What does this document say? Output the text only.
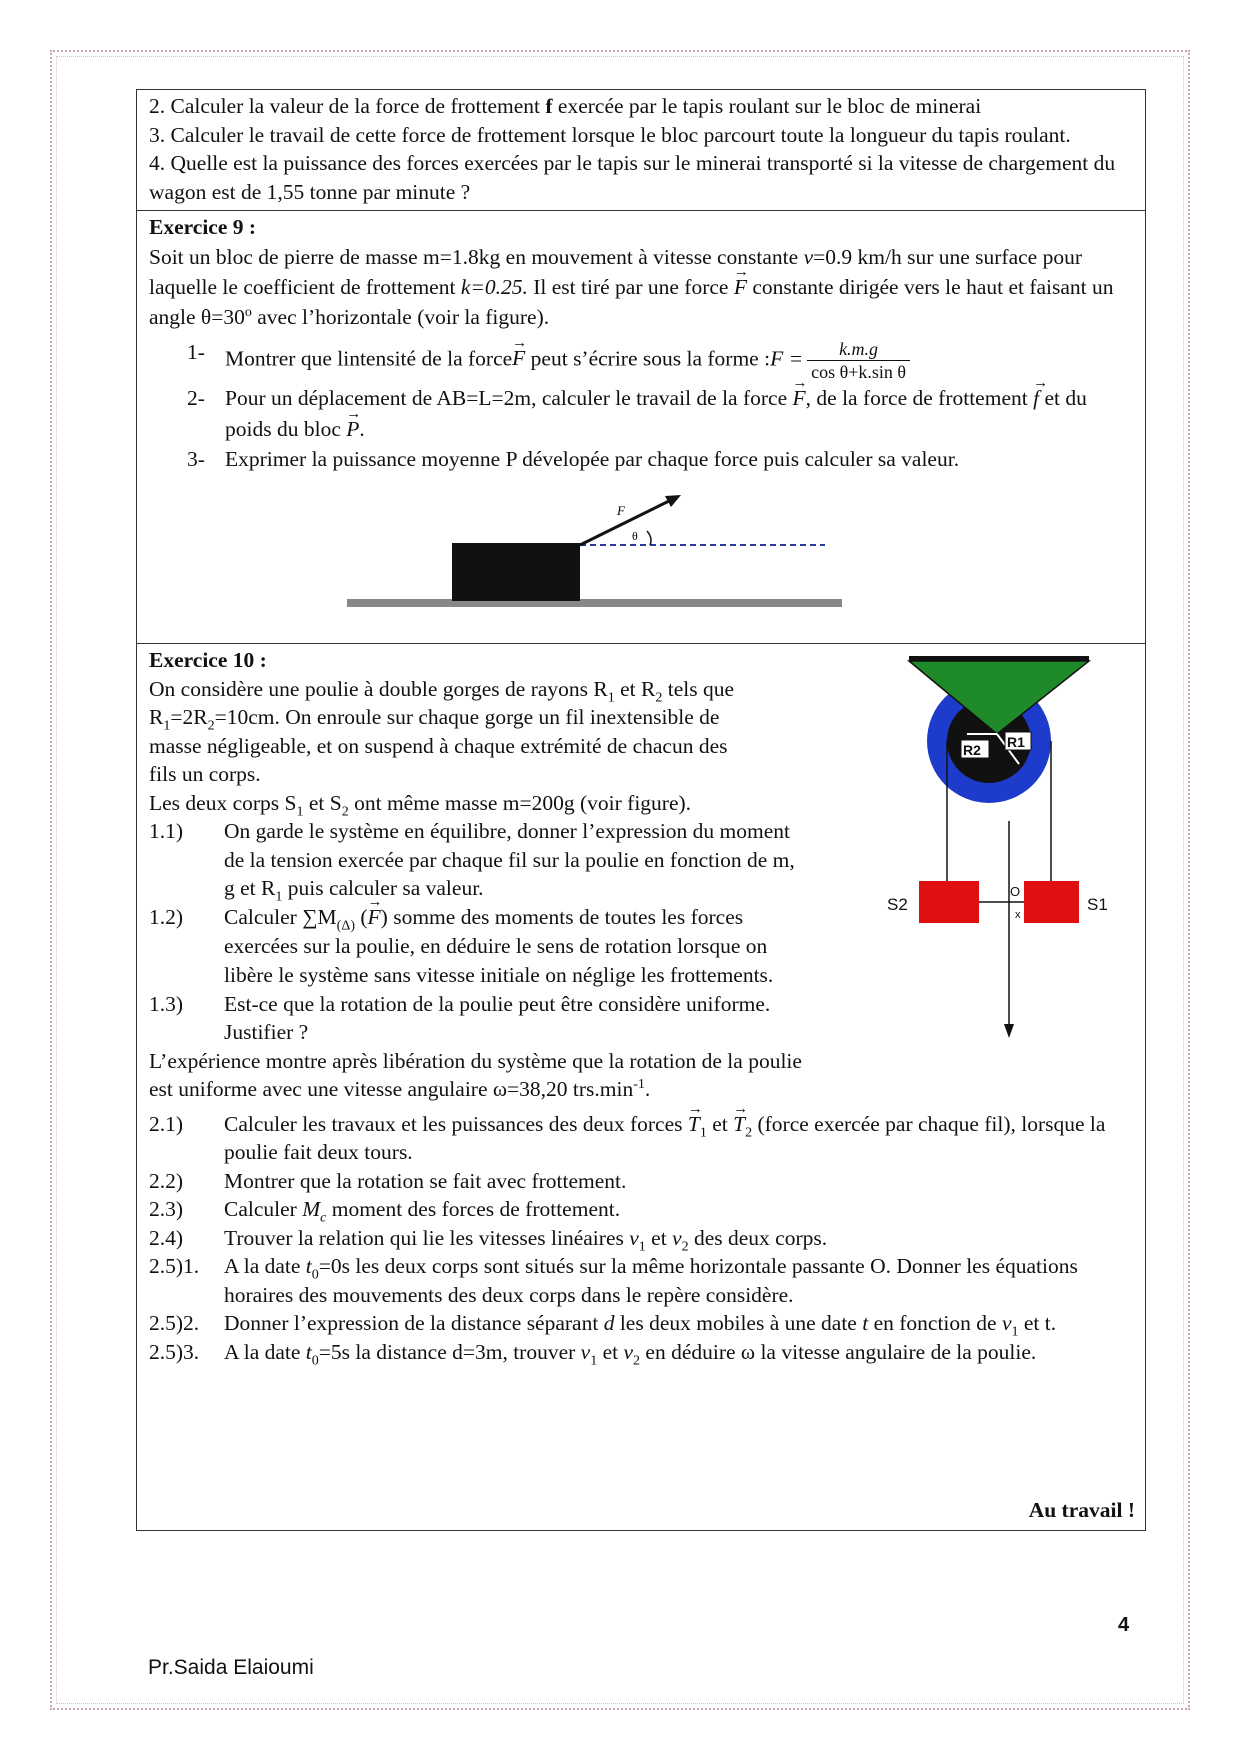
2. Calculer la valeur de la force de frottement f exercée par le tapis roulant sur le bloc de minerai

3. Calculer le travail de cette force de frottement lorsque le bloc parcourt toute la longueur du tapis roulant.

4. Quelle est la puissance des forces exercées par le tapis sur le minerai transporté si la vitesse de chargement du wagon est de 1,55 tonne par minute ?

Exercice 9 :

Soit un bloc de pierre de masse m=1.8kg en mouvement à vitesse constante v=0.9 km/h sur une surface pour laquelle le coefficient de frottement k=0.25. Il est tiré par une force → F constante dirigée vers le haut et faisant un angle $\theta=30^o$ avec l’horizontale (voir la figure).

1- Montrer que lintensité de la force→ F peut s’écrire sous la forme :F = $\frac{k.m.g}{\text{cos θ+k.sin θ}}$
2- Pour un déplacement de AB=L=2m, calculer le travail de la force → F, de la force de frottement → f et du poids du bloc → P.
3- Exprimer la puissance moyenne P dévelopée par chaque force puis calculer sa valeur.
θ
F

Exercice 10 :

On considère une poulie à double gorges de rayons $R_1$ et $R_2$ tels que

$R_1=2R_2=10cm$. On enroule sur chaque gorge un fil inextensible de

masse négligeable, et on suspend à chaque extrémité de chacun des

fils un corps.

Les deux corps $S_1$ et $S_2$ ont même masse m=200g (voir figure).

1.1)	On garde le système en équilibre, donner l’expression du moment de la tension exercée par chaque fil sur la poulie en fonction de m, g et $R_1$ puis calculer sa valeur.
1.2)	Calculer $\sum M_{(\Delta)}$ (→ F) somme des moments de toutes les forces exercées sur la poulie, en déduire le sens de rotation lorsque on libère le système sans vitesse initiale on néglige les frottements.
1.3)	Est-ce que la rotation de la poulie peut être considère uniforme. Justifier ?

L’expérience montre après libération du système que la rotation de la poulie est uniforme avec une vitesse angulaire ω=38,20 $trs.\min^{-1}$.

2.1)	Calculer les travaux et les puissances des deux forces → $T_1$ et → $T_2$ (force exercée par chaque fil), lorsque la poulie fait deux tours.
2.2)	Montrer que la rotation se fait avec frottement.
2.3)	Calculer $M_c$ moment des forces de frottement.
2.4)	Trouver la relation qui lie les vitesses linéaires $v_1$ et $v_2$ des deux corps.
2.5)1.	A la date $t_0=0s$ les deux corps sont situés sur la même horizontale passante O. Donner les équations horaires des mouvements des deux corps dans le repère considère.
2.5)2.	Donner l’expression de la distance séparant d les deux mobiles à une date t en fonction de $v_1$ et t.
2.5)3.	A la date $t_0=5s$ la distance d=3m, trouver $v_1$ et $v_2$ en déduire ω la vitesse angulaire de la poulie.

Au travail !

R2 R1
S2	S1
O
x
4
Pr.Saida Elaioumi
